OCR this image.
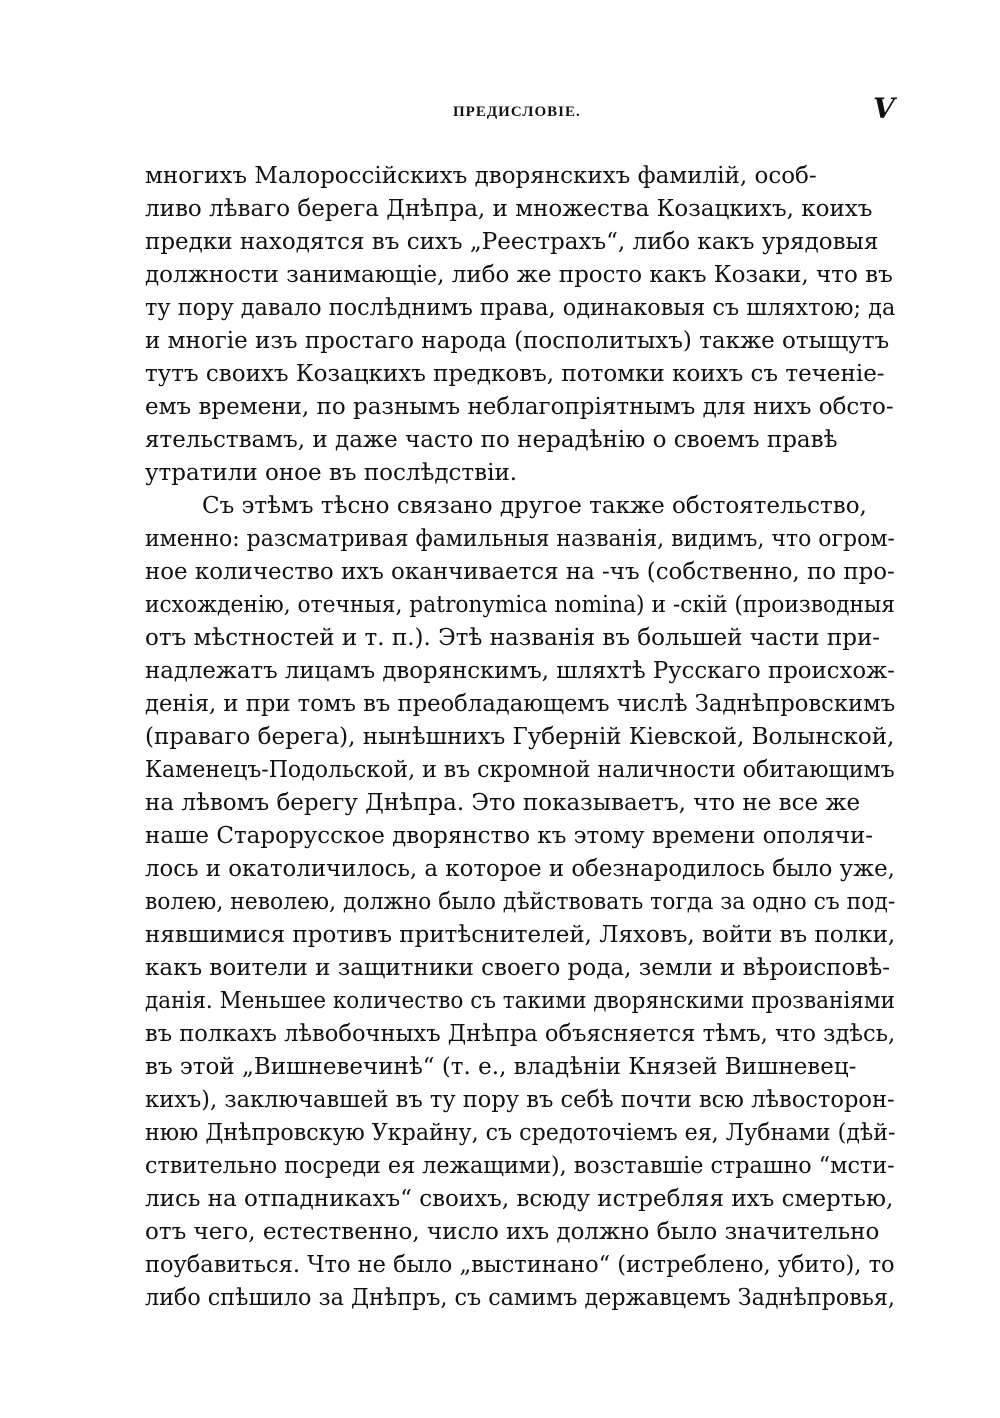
ПРЕДИСЛОВІЕ.	V
многихъ Малороссійскихъ дворянскихъ фамилій, особ-
ливо лѣваго берега Днѣпра, и множества Козацкихъ, коихъ
предки находятся въ сихъ „Реестрахъ“, либо какъ урядовыя
должности занимающіе, либо же просто какъ Козаки, что въ
ту пору давало послѣднимъ права, одинаковыя съ шляхтою; да
и многіе изъ простаго народа (посполитыхъ) также отыщутъ
тутъ своихъ Козацкихъ предковъ, потомки коихъ съ теченіе-
емъ времени, по разнымъ неблагопріятнымъ для нихъ обсто-
ятельствамъ, и даже часто по нерадѣнію о своемъ правѣ
утратили оное въ послѣдствіи.
Съ этѣмъ тѣсно связано другое также обстоятельство,
именно: разсматривая фамильныя названія, видимъ, что огром-
ное количество ихъ оканчивается на -чъ (собственно, по про-
исхожденію, отечныя, patronymica nomina) и -скій (производныя
отъ мѣстностей и т. п.). Этѣ названія въ большей части при-
надлежатъ лицамъ дворянскимъ, шляхтѣ Русскаго происхож-
денія, и при томъ въ преобладающемъ числѣ Заднѣпровскимъ
(праваго берега), нынѣшнихъ Губерній Кіевской, Волынской,
Каменецъ-Подольской, и въ скромной наличности обитающимъ
на лѣвомъ берегу Днѣпра. Это показываетъ, что не все же
наше Старорусское дворянство къ этому времени ополячи-
лось и окатоличилось, а которое и обезнародилось было уже,
волею, неволею, должно было дѣйствовать тогда за одно съ под-
нявшимися противъ притѣснителей, Ляховъ, войти въ полки,
какъ воители и защитники своего рода, земли и вѣроисповѣ-
данія. Меньшее количество съ такими дворянскими прозваніями
въ полкахъ лѣвобочныхъ Днѣпра объясняется тѣмъ, что здѣсь,
въ этой „Вишневечинѣ“ (т. е., владѣніи Князей Вишневец-
кихъ), заключавшей въ ту пору въ себѣ почти всю лѣвосторон-
нюю Днѣпровскую Украйну, съ средоточіемъ ея, Лубнами (дѣй-
ствительно посреди ея лежащими), возставшіе страшно “мсти-
лись на отпадникахъ“ своихъ, всюду истребляя ихъ смертью,
отъ чего, естественно, число ихъ должно было значительно
поубавиться. Что не было „выстинано“ (истреблено, убито), то
либо спѣшило за Днѣпръ, съ самимъ державцемъ Заднѣпровья,
